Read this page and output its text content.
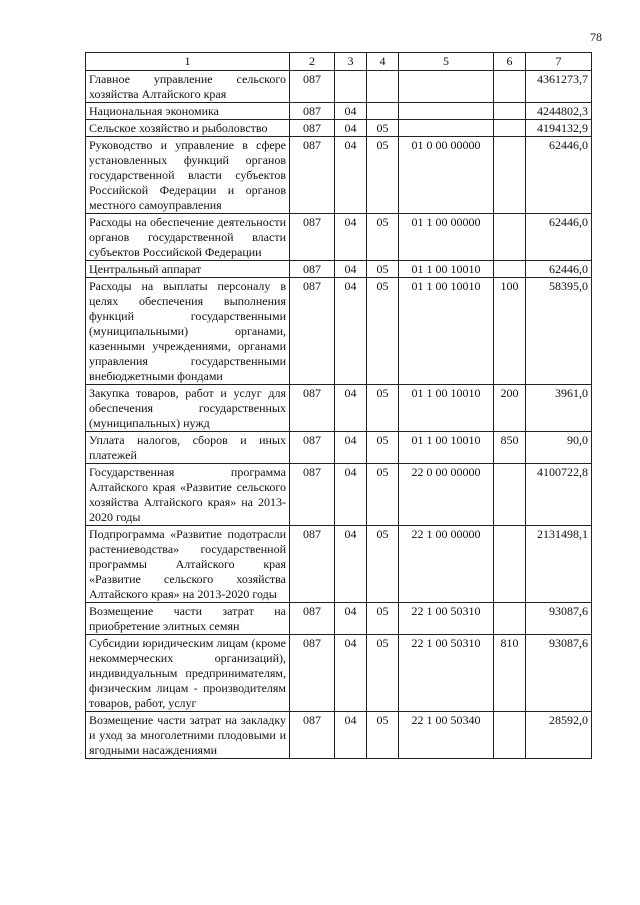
78
1	2	3	4	5	6	7
Главное управление сельского хозяйства Алтайского края	087					4361273,7
Национальная экономика	087	04				4244802,3
Сельское хозяйство и рыболовство	087	04	05			4194132,9
Руководство и управление в сфере установленных функций органов государственной власти субъектов Российской Федерации и органов местного самоуправления	087	04	05	01 0 00 00000		62446,0
Расходы на обеспечение деятельности органов государственной власти субъектов Российской Федерации	087	04	05	01 1 00 00000		62446,0
Центральный аппарат	087	04	05	01 1 00 10010		62446,0
Расходы на выплаты персоналу в целях обеспечения выполнения функций государственными (муниципальными) органами, казенными учреждениями, органами управления государственными внебюджетными фондами	087	04	05	01 1 00 10010	100	58395,0
Закупка товаров, работ и услуг для обеспечения государственных (муниципальных) нужд	087	04	05	01 1 00 10010	200	3961,0
Уплата налогов, сборов и иных платежей	087	04	05	01 1 00 10010	850	90,0
Государственная программа Алтайского края «Развитие сельского хозяйства Алтайского края» на 2013-2020 годы	087	04	05	22 0 00 00000		4100722,8
Подпрограмма «Развитие подотрасли растениеводства» государственной программы Алтайского края «Развитие сельского хозяйства Алтайского края» на 2013-2020 годы	087	04	05	22 1 00 00000		2131498,1
Возмещение части затрат на приобретение элитных семян	087	04	05	22 1 00 50310		93087,6
Субсидии юридическим лицам (кроме некоммерческих организаций), индивидуальным предпринимателям, физическим лицам - производителям товаров, работ, услуг	087	04	05	22 1 00 50310	810	93087,6
Возмещение части затрат на закладку и уход за многолетними плодовыми и ягодными насаждениями	087	04	05	22 1 00 50340		28592,0
